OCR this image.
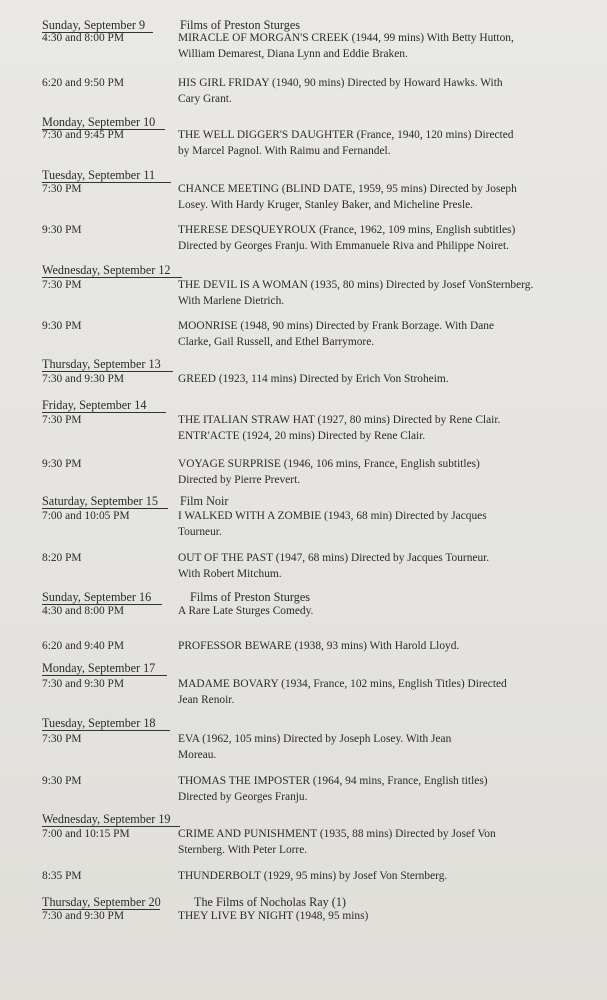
Sunday, September 9	Films of Preston Sturges
4:30 and 8:00 PM	MIRACLE OF MORGAN'S CREEK (1944, 99 mins) With Betty Hutton,
William Demarest, Diana Lynn and Eddie Braken.
6:20 and 9:50 PM	HIS GIRL FRIDAY (1940, 90 mins) Directed by Howard Hawks. With
Cary Grant.
Monday, September 10
7:30 and 9:45 PM	THE WELL DIGGER'S DAUGHTER (France, 1940, 120 mins) Directed
by Marcel Pagnol. With Raimu and Fernandel.
Tuesday, September 11
7:30 PM	CHANCE MEETING (BLIND DATE, 1959, 95 mins) Directed by Joseph
Losey. With Hardy Kruger, Stanley Baker, and Micheline Presle.
9:30 PM	THERESE DESQUEYROUX (France, 1962, 109 mins, English subtitles)
Directed by Georges Franju. With Emmanuele Riva and Philippe Noiret.
Wednesday, September 12
7:30 PM	THE DEVIL IS A WOMAN (1935, 80 mins) Directed by Josef VonSternberg.
With Marlene Dietrich.
9:30 PM	MOONRISE (1948, 90 mins) Directed by Frank Borzage. With Dane
Clarke, Gail Russell, and Ethel Barrymore.
Thursday, September 13
7:30 and 9:30 PM	GREED (1923, 114 mins) Directed by Erich Von Stroheim.
Friday, September 14
7:30 PM	THE ITALIAN STRAW HAT (1927, 80 mins) Directed by Rene Clair.
ENTR'ACTE (1924, 20 mins) Directed by Rene Clair.
9:30 PM	VOYAGE SURPRISE (1946, 106 mins, France, English subtitles)
Directed by Pierre Prevert.
Saturday, September 15 Film Noir
7:00 and 10:05 PM	I WALKED WITH A ZOMBIE (1943, 68 min) Directed by Jacques
Tourneur.
8:20 PM	OUT OF THE PAST (1947, 68 mins) Directed by Jacques Tourneur.
With Robert Mitchum.
Sunday, September 16	Films of Preston Sturges
4:30 and 8:00 PM	A Rare Late Sturges Comedy.
6:20 and 9:40 PM	PROFESSOR BEWARE (1938, 93 mins) With Harold Lloyd.
Monday, September 17
7:30 and 9:30 PM	MADAME BOVARY (1934, France, 102 mins, English Titles) Directed
Jean Renoir.
Tuesday, September 18
7:30 PM	EVA (1962, 105 mins) Directed by Joseph Losey. With Jean
Moreau.
9:30 PM	THOMAS THE IMPOSTER (1964, 94 mins, France, English titles)
Directed by Georges Franju.
Wednesday, September 19
7:00 and 10:15 PM	CRIME AND PUNISHMENT (1935, 88 mins) Directed by Josef Von
Sternberg. With Peter Lorre.
8:35 PM	THUNDERBOLT (1929, 95 mins) by Josef Von Sternberg.
Thursday, September 20	The Films of Nocholas Ray (1)
7:30 and 9:30 PM	THEY LIVE BY NIGHT (1948, 95 mins)
